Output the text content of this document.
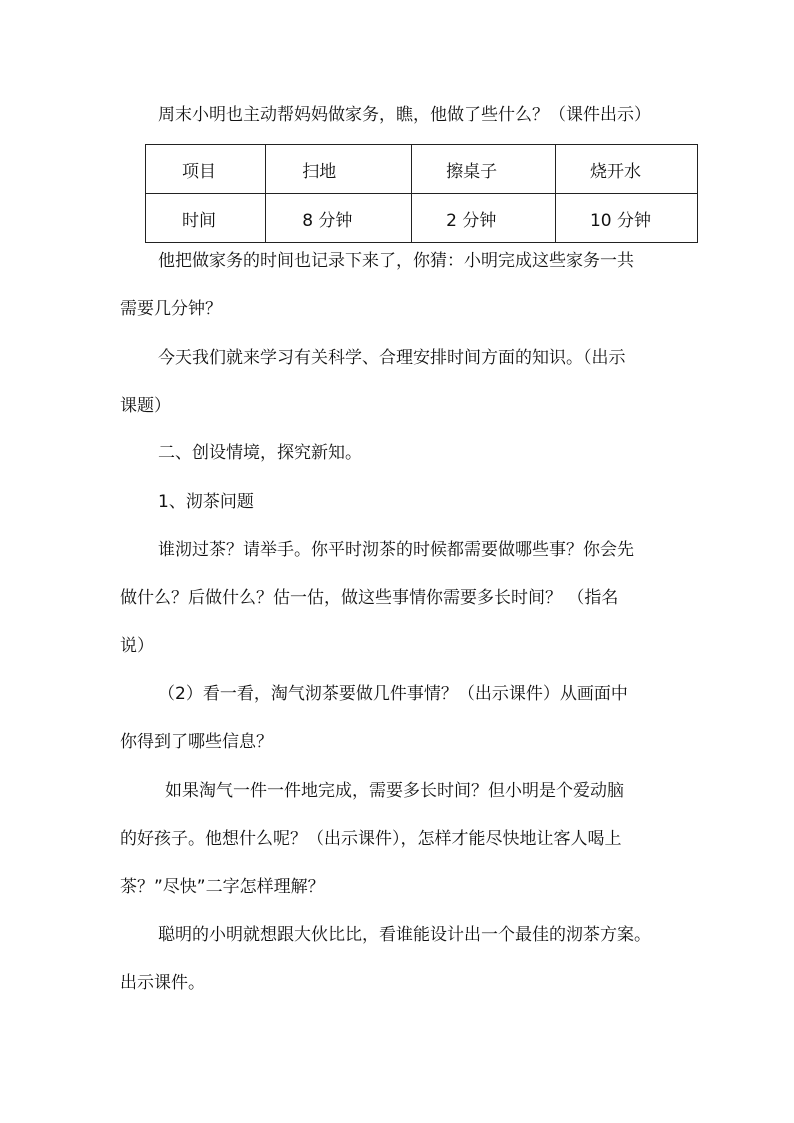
周末小明也主动帮妈妈做家务，瞧，他做了些什么？（课件出示）
项目	扫地	擦桌子	烧开水
时间	8 分钟	2 分钟	10 分钟
他把做家务的时间也记录下来了，你猜：小明完成这些家务一共
需要几分钟？
今天我们就来学习有关科学、合理安排时间方面的知识。（出示
课题）
二、创设情境，探究新知。
1、沏茶问题
谁沏过茶？请举手。你平时沏茶的时候都需要做哪些事？你会先
做什么？后做什么？估一估，做这些事情你需要多长时间？ （指名
说）
（2）看一看，淘气沏茶要做几件事情？（出示课件）从画面中
你得到了哪些信息？
如果淘气一件一件地完成，需要多长时间？但小明是个爱动脑
的好孩子。他想什么呢？（出示课件），怎样才能尽快地让客人喝上
茶？”尽快”二字怎样理解？
聪明的小明就想跟大伙比比，看谁能设计出一个最佳的沏茶方案。
出示课件。
